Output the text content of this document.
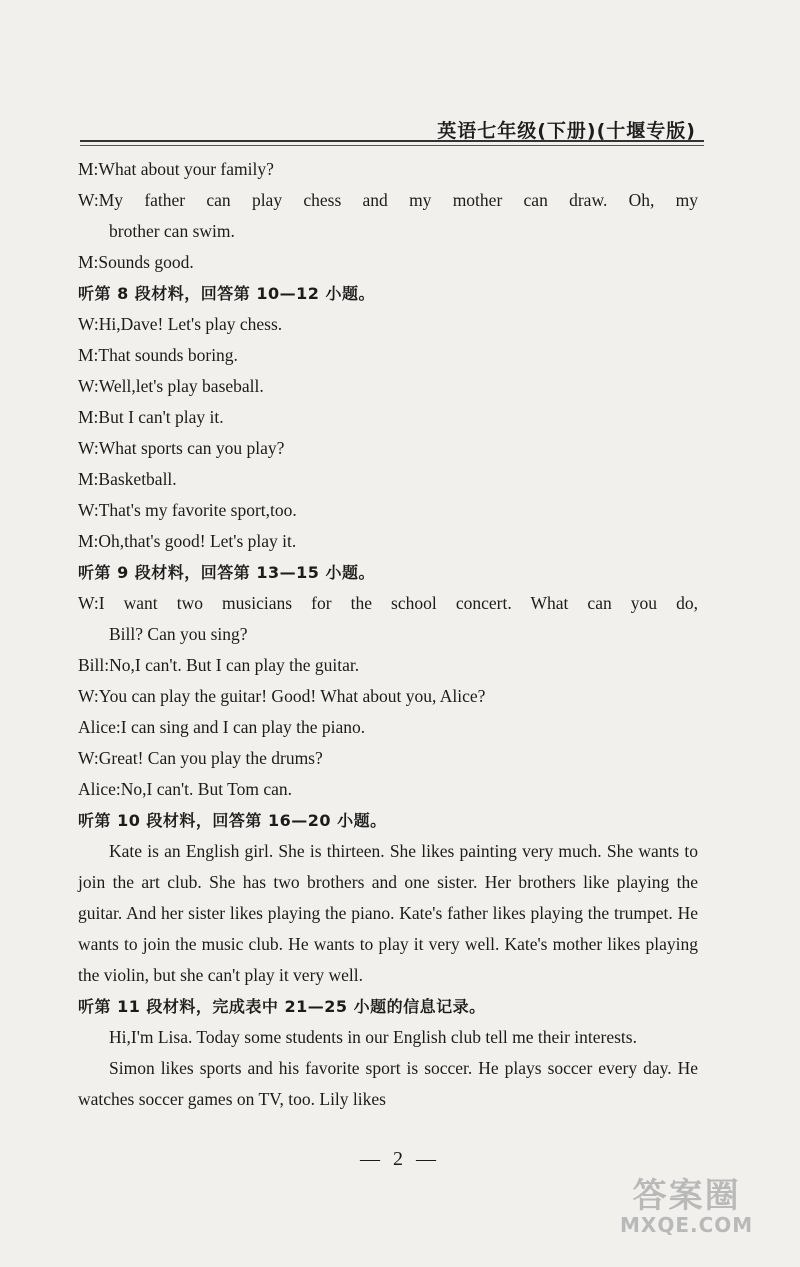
英语七年级(下册)(十堰专版)
M:What about your family?
W:My father can play chess and my mother can draw. Oh, my
brother can swim.
M:Sounds good.
听第 8 段材料，回答第 10—12 小题。
W:Hi,Dave! Let's play chess.
M:That sounds boring.
W:Well,let's play baseball.
M:But I can't play it.
W:What sports can you play?
M:Basketball.
W:That's my favorite sport,too.
M:Oh,that's good! Let's play it.
听第 9 段材料，回答第 13—15 小题。
W:I want two musicians for the school concert. What can you do,
Bill? Can you sing?
Bill:No,I can't. But I can play the guitar.
W:You can play the guitar! Good! What about you, Alice?
Alice:I can sing and I can play the piano.
W:Great! Can you play the drums?
Alice:No,I can't. But Tom can.
听第 10 段材料，回答第 16—20 小题。

Kate is an English girl. She is thirteen. She likes painting very much. She wants to join the art club. She has two brothers and one sister. Her brothers like playing the guitar. And her sister likes playing the piano. Kate's father likes playing the trumpet. He wants to join the music club. He wants to play it very well. Kate's mother likes playing the violin, but she can't play it very well.

听第 11 段材料，完成表中 21—25 小题的信息记录。

Hi,I'm Lisa. Today some students in our English club tell me their interests.

Simon likes sports and his favorite sport is soccer. He plays soccer every day. He watches soccer games on TV, too. Lily likes

— 2 —
答案圈
MXQE.COM
